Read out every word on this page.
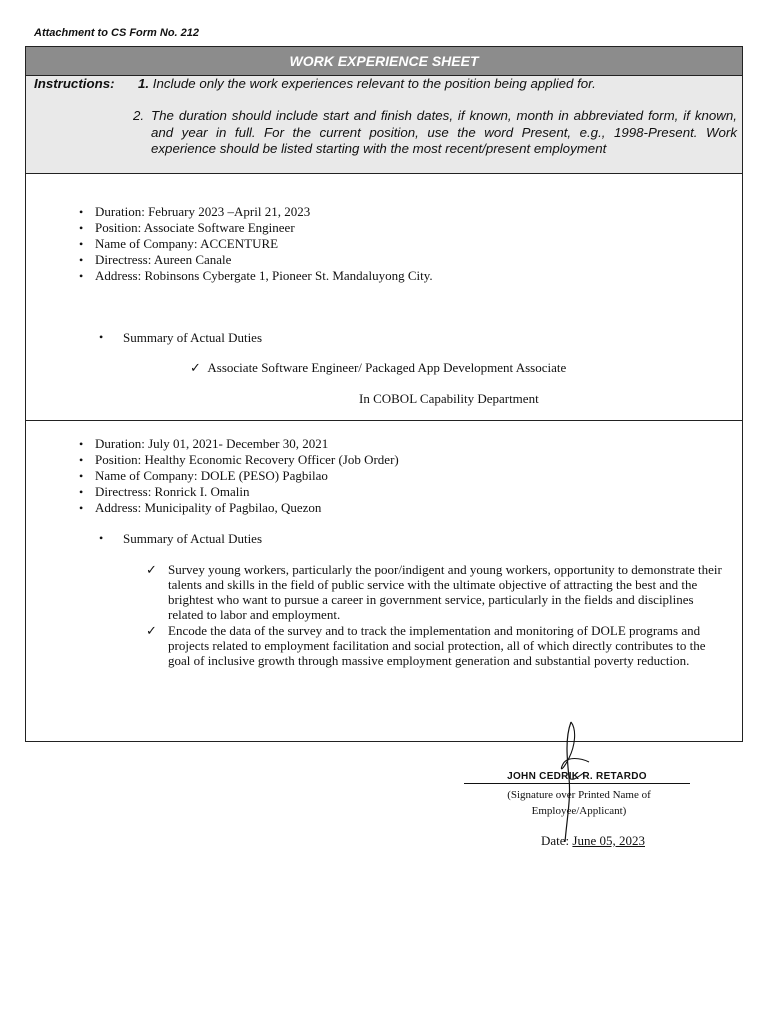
Attachment to CS Form No. 212
WORK EXPERIENCE SHEET
Instructions: 1. Include only the work experiences relevant to the position being applied for.
2. The duration should include start and finish dates, if known, month in abbreviated form, if known, and year in full. For the current position, use the word Present, e.g., 1998-Present. Work experience should be listed starting with the most recent/present employment
• Duration: February 2023 –April 21, 2023
• Position: Associate Software Engineer
• Name of Company: ACCENTURE
• Directress: Aureen Canale
• Address: Robinsons Cybergate 1, Pioneer St. Mandaluyong City.
Summary of Actual Duties
✓ Associate Software Engineer/ Packaged App Development Associate
In COBOL Capability Department
• Duration: July 01, 2021- December 30, 2021
• Position: Healthy Economic Recovery Officer (Job Order)
• Name of Company: DOLE (PESO) Pagbilao
• Directress: Ronrick I. Omalin
• Address: Municipality of Pagbilao, Quezon
Summary of Actual Duties
✓ Survey young workers, particularly the poor/indigent and young workers, opportunity to demonstrate their talents and skills in the field of public service with the ultimate objective of attracting the best and the brightest who want to pursue a career in government service, particularly in the fields and disciplines related to labor and employment.
✓ Encode the data of the survey and to track the implementation and monitoring of DOLE programs and projects related to employment facilitation and social protection, all of which directly contributes to the goal of inclusive growth through massive employment generation and substantial poverty reduction.
JOHN CEDRIK R. RETARDO
(Signature over Printed Name of
Employee/Applicant)
Date: June 05, 2023
